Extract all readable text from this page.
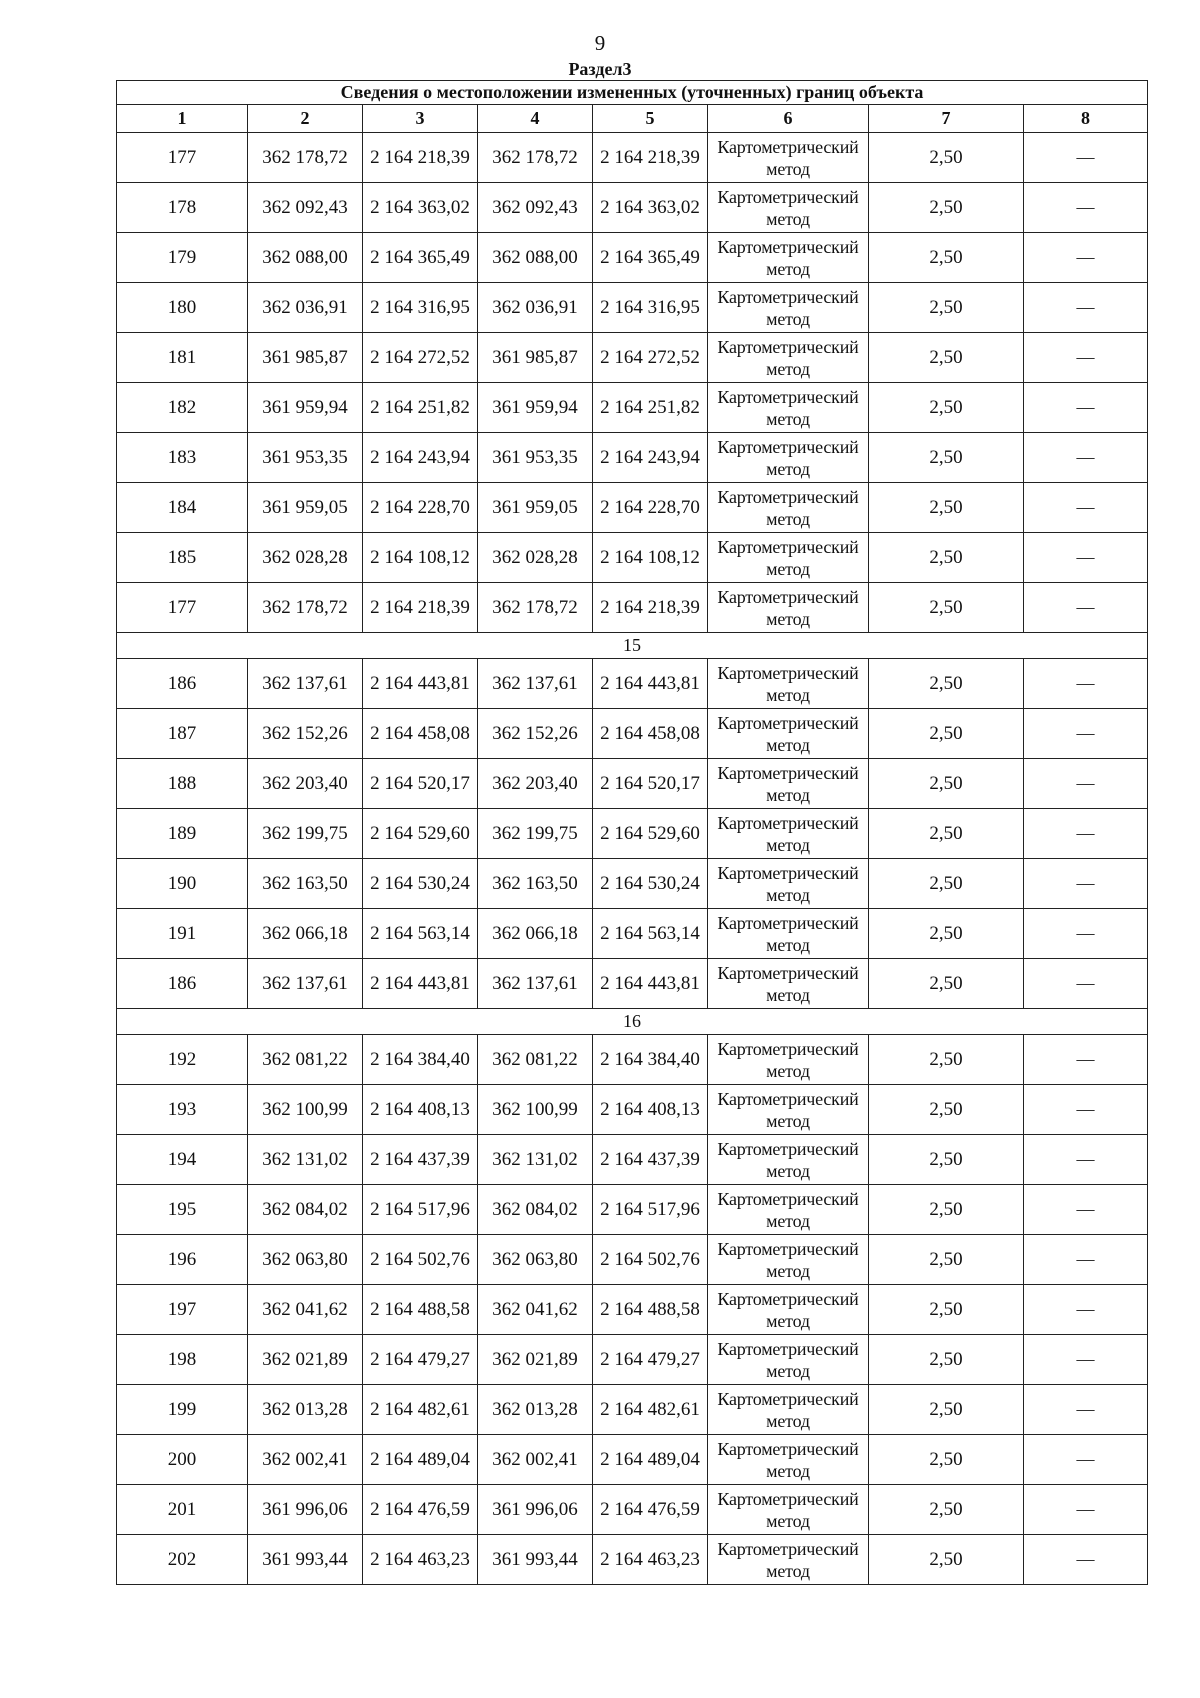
9
Раздел3
Сведения о местоположении измененных (уточненных) границ объекта							
1	2	3	4	5	6	7	8
177	362 178,72	2 164 218,39	362 178,72	2 164 218,39	Картометрический метод	2,50	—
178	362 092,43	2 164 363,02	362 092,43	2 164 363,02	Картометрический метод	2,50	—
179	362 088,00	2 164 365,49	362 088,00	2 164 365,49	Картометрический метод	2,50	—
180	362 036,91	2 164 316,95	362 036,91	2 164 316,95	Картометрический метод	2,50	—
181	361 985,87	2 164 272,52	361 985,87	2 164 272,52	Картометрический метод	2,50	—
182	361 959,94	2 164 251,82	361 959,94	2 164 251,82	Картометрический метод	2,50	—
183	361 953,35	2 164 243,94	361 953,35	2 164 243,94	Картометрический метод	2,50	—
184	361 959,05	2 164 228,70	361 959,05	2 164 228,70	Картометрический метод	2,50	—
185	362 028,28	2 164 108,12	362 028,28	2 164 108,12	Картометрический метод	2,50	—
177	362 178,72	2 164 218,39	362 178,72	2 164 218,39	Картометрический метод	2,50	—
15							
186	362 137,61	2 164 443,81	362 137,61	2 164 443,81	Картометрический метод	2,50	—
187	362 152,26	2 164 458,08	362 152,26	2 164 458,08	Картометрический метод	2,50	—
188	362 203,40	2 164 520,17	362 203,40	2 164 520,17	Картометрический метод	2,50	—
189	362 199,75	2 164 529,60	362 199,75	2 164 529,60	Картометрический метод	2,50	—
190	362 163,50	2 164 530,24	362 163,50	2 164 530,24	Картометрический метод	2,50	—
191	362 066,18	2 164 563,14	362 066,18	2 164 563,14	Картометрический метод	2,50	—
186	362 137,61	2 164 443,81	362 137,61	2 164 443,81	Картометрический метод	2,50	—
16							
192	362 081,22	2 164 384,40	362 081,22	2 164 384,40	Картометрический метод	2,50	—
193	362 100,99	2 164 408,13	362 100,99	2 164 408,13	Картометрический метод	2,50	—
194	362 131,02	2 164 437,39	362 131,02	2 164 437,39	Картометрический метод	2,50	—
195	362 084,02	2 164 517,96	362 084,02	2 164 517,96	Картометрический метод	2,50	—
196	362 063,80	2 164 502,76	362 063,80	2 164 502,76	Картометрический метод	2,50	—
197	362 041,62	2 164 488,58	362 041,62	2 164 488,58	Картометрический метод	2,50	—
198	362 021,89	2 164 479,27	362 021,89	2 164 479,27	Картометрический метод	2,50	—
199	362 013,28	2 164 482,61	362 013,28	2 164 482,61	Картометрический метод	2,50	—
200	362 002,41	2 164 489,04	362 002,41	2 164 489,04	Картометрический метод	2,50	—
201	361 996,06	2 164 476,59	361 996,06	2 164 476,59	Картометрический метод	2,50	—
202	361 993,44	2 164 463,23	361 993,44	2 164 463,23	Картометрический метод	2,50	—
